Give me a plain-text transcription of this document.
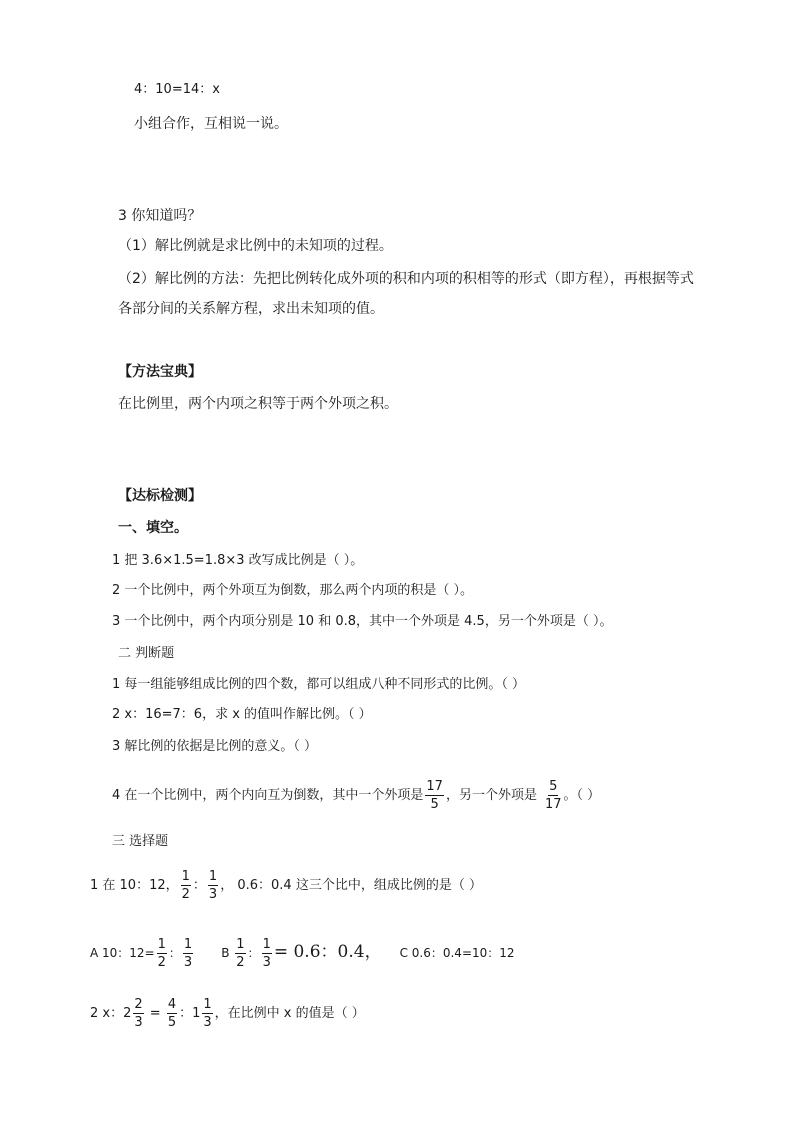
4：10=14：x
小组合作，互相说一说。
3 你知道吗？
（1）解比例就是求比例中的未知项的过程。
（2）解比例的方法：先把比例转化成外项的积和内项的积相等的形式（即方程），再根据等式
各部分间的关系解方程，求出未知项的值。
【方法宝典】
在比例里，两个内项之积等于两个外项之积。
【达标检测】
一、填空。
1 把 3.6×1.5=1.8×3 改写成比例是（ ）。
2 一个比例中，两个外项互为倒数，那么两个内项的积是（ ）。
3 一个比例中，两个内项分别是 10 和 0.8，其中一个外项是 4.5，另一个外项是（ ）。
二 判断题
1 每一组能够组成比例的四个数，都可以组成八种不同形式的比例。（ ）
2 x：16=7：6，求 x 的值叫作解比例。（ ）
3 解比例的依据是比例的意义。（ ）
4 在一个比例中，两个内向互为倒数，其中一个外项是 $\frac{17}{5}$ ，另一个外项是 $\frac{5}{17}$ 。（ ）
三 选择题
1 在 10：12， $\frac{1}{2}$ ： $\frac{1}{3}$ ， 0.6：0.4 这三个比中，组成比例的是（ ）
A 10：$12= \frac{1}{2}$ ： $\frac{1}{3}$ B $\frac{1}{2}$ ： $\frac{1}{3} = 0.6$：0.4， C 0.6：0.4=10：12
2 x：$2 \frac{2}{3} = \frac{4}{5}$ ：$1 \frac{1}{3}$ ，在比例中 x 的值是（ ）
